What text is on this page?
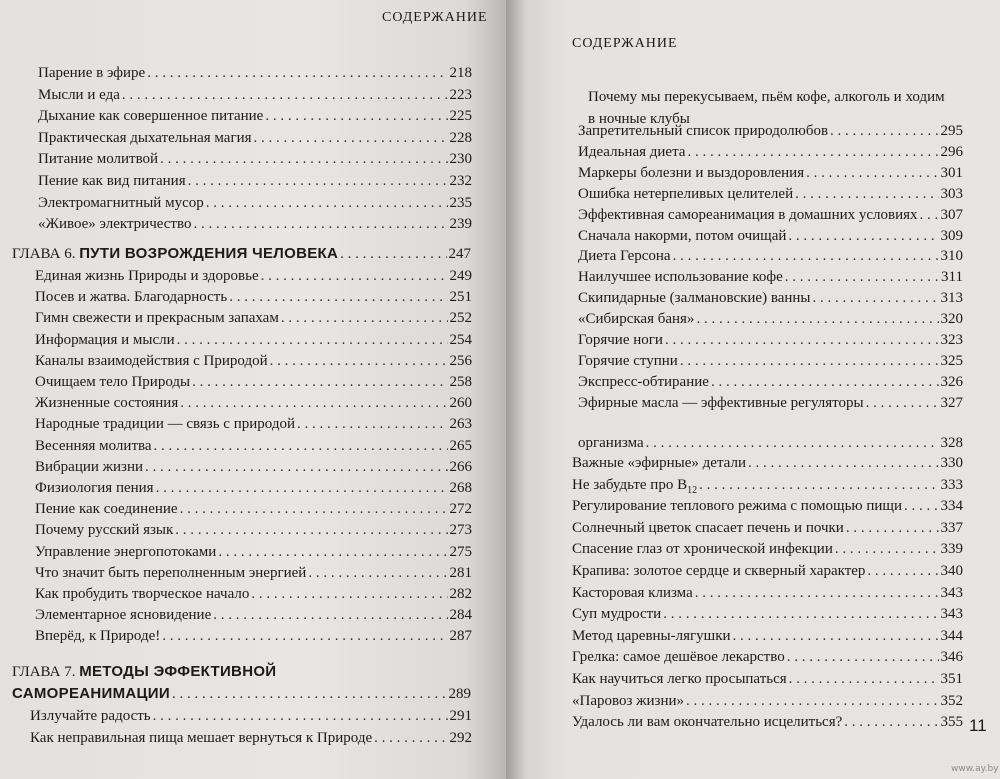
СОДЕРЖАНИЕ
Парение в эфире . . .	218
Мысли и еда . . .	223
Дыхание как совершенное питание . . .	225
Практическая дыхательная магия . . .	228
Питание молитвой . . .	230
Пение как вид питания . . .	232
Электромагнитный мусор . . .	235
«Живое» электричество . . .	239
ГЛАВА 6. ПУТИ ВОЗРОЖДЕНИЯ ЧЕЛОВЕКА . . .	247
Единая жизнь Природы и здоровье . . .	249
Посев и жатва. Благодарность . . .	251
Гимн свежести и прекрасным запахам . . .	252
Информация и мысли . . .	254
Каналы взаимодействия с Природой . . .	256
Очищаем тело Природы . . .	258
Жизненные состояния . . .	260
Народные традиции — связь с природой . . .	263
Весенняя молитва . . .	265
Вибрации жизни . . .	266
Физиология пения . . .	268
Пение как соединение . . .	272
Почему русский язык . . .	273
Управление энергопотоками . . .	275
Что значит быть переполненным энергией . . .	281
Как пробудить творческое начало . . .	282
Элементарное ясновидение . . .	284
Вперёд, к Природе! . . .	287
ГЛАВА 7. МЕТОДЫ ЭФФЕКТИВНОЙ
САМОРЕАНИМАЦИИ . . .	289
Излучайте радость . . .	291
Как неправильная пища мешает вернуться к Природе . . .	292
СОДЕРЖАНИЕ
Почему мы перекусываем, пьём кофе, алкоголь и ходим
в ночные клубы
Запретительный список природолюбов . . .	295
Идеальная диета . . .	296
Маркеры болезни и выздоровления . . .	301
Ошибка нетерпеливых целителей . . .	303
Эффективная самореанимация в домашних условиях . . . 307
Сначала накорми, потом очищай . . .	309
Диета Герсона . . .	310
Наилучшее использование кофе . . .	311
Скипидарные (залмановские) ванны . . .	313
«Сибирская баня» . . .	320
Горячие ноги . . .	323
Горячие ступни . . .	325
Экспресс-обтирание . . .	326
Эфирные масла — эффективные регуляторы . . .	327
организма . . .	328
Важные «эфирные» детали . . .	330
Не забудьте про $B_{12}$ . . .	333
Регулирование теплового режима с помощью пищи . . .	334
Солнечный цветок спасает печень и почки . . .	337
Спасение глаз от хронической инфекции . . .	339
Крапива: золотое сердце и скверный характер . . .	340
Касторовая клизма . . .	343
Суп мудрости . . .	343
Метод царевны-лягушки . . .	344
Грелка: самое дешёвое лекарство . . .	346
Как научиться легко просыпаться . . .	351
«Паровоз жизни» . . .	352
Удалось ли вам окончательно исцелиться? . . .	355 11
www.ay.by
